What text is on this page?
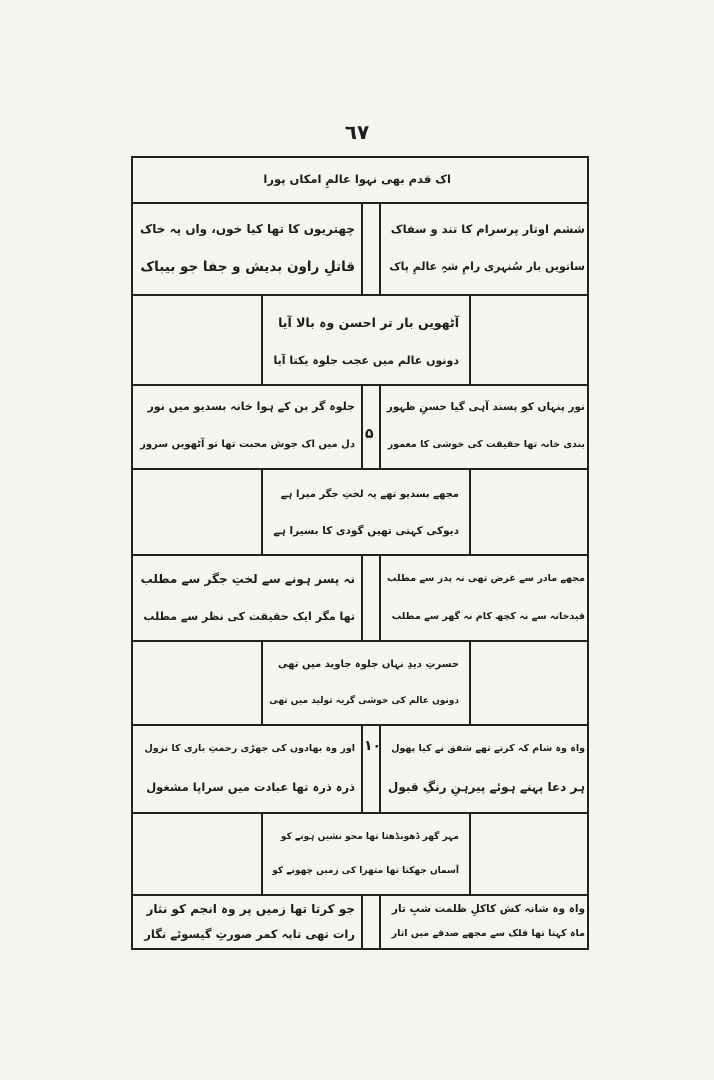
٦٧
اک قدم بھی نہوا عالمِ امکاں پورا
ششم اوتار پرسرام کا تند و سفاک
ساتویں بار سُنہری رامِ شہِ عالمِ پاک
چھتریوں کا تھا کیا خوں، واں پہ خاک
قاتلِ راون بدیش و جفا جو بیباک
آٹھویں بار تر احسن وہ بالا آیا
دونوں عالم میں عجب جلوہ یکتا آیا
نور پنہاں کو پسند آہی گیا حسنِ ظہور
بندی خانہ تھا حقیقت کی خوشی کا معمور
۵
جلوہ گر بن کے ہوا خانہ بسدیو میں نور
دل میں اک جوش محبت تھا تو آٹھویں سرور
مجھے بسدیو تھے یہ لختِ جگر میرا ہے
دیوکی کہتی تھیں گودی کا بسیرا ہے
مجھے مادر سے غرض تھی نہ پدر سے مطلب
قیدخانہ سے نہ کچھ کام نہ گھر سے مطلب
نہ پسر ہونے سے لختِ جگر سے مطلب
تھا مگر ایک حقیقت کی نظر سے مطلب
حسرتِ دیدِ نہاں جلوہ جاوید میں تھی
دونوں عالم کی خوشی گریہ تولید میں تھی
واہ وہ شام کہ کرتے تھے شفق نے کیا پھول
ہر دعا پہنے ہوئے پیرہنِ رنگِ قبول
۱۰
اور وہ بھادوں کی جھڑی رحمتِ باری کا نزول
ذرہ ذرہ تھا عبادت میں سراپا مشغول
مہر گھر ڈھونڈھتا تھا محو نشیں ہونے کو
آسماں جھکتا تھا متھرا کی زمیں چھونے کو
واہ وہ شانہ کش کاکلِ ظلمت شبِ تار
ماہ کہتا تھا فلک سے مجھے صدقے میں اتار
جو کرتا تھا زمیں پر وہ انجم کو نثار
رات تھی تابہ کمر صورتِ گیسوئے نگار
